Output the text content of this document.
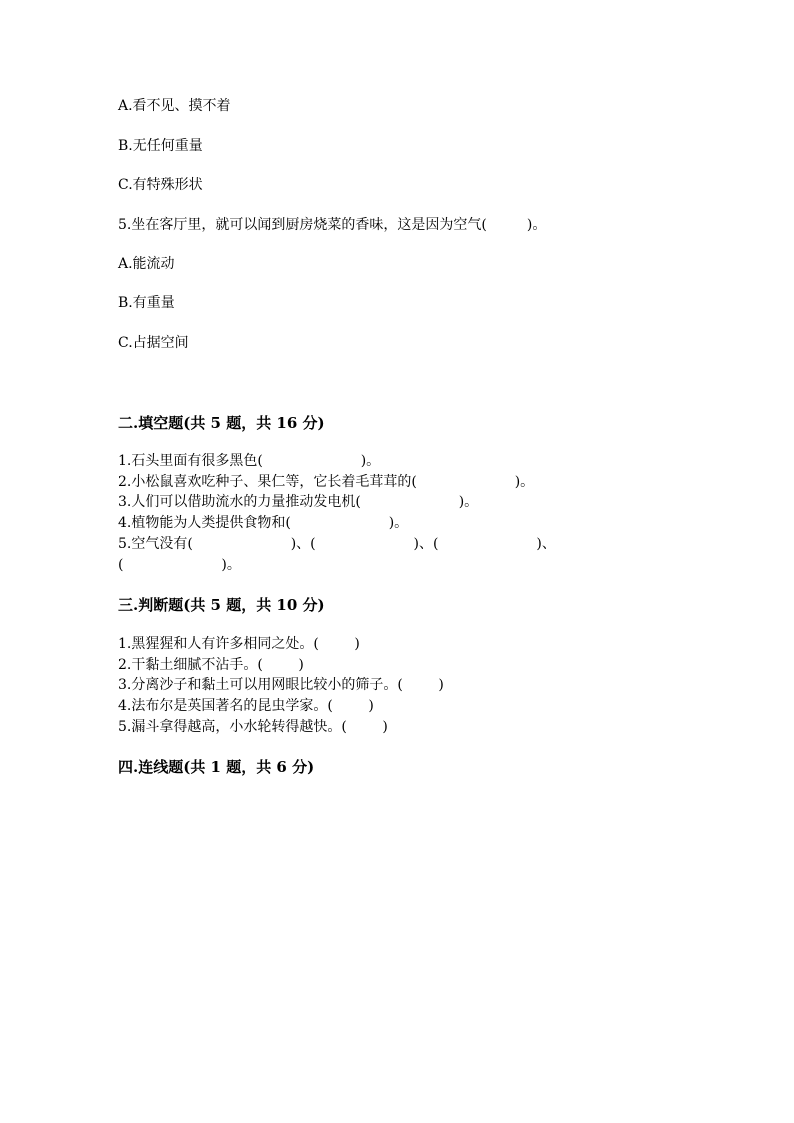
A.看不见、摸不着
B.无任何重量
C.有特殊形状
5.坐在客厅里，就可以闻到厨房烧菜的香味，这是因为空气(         )。
A.能流动
B.有重量
C.占据空间
二.填空题(共 5 题，共 16 分)
1.石头里面有很多黑色(                      )。
2.小松鼠喜欢吃种子、果仁等，它长着毛茸茸的(                      )。
3.人们可以借助流水的力量推动发电机(                      )。
4.植物能为人类提供食物和(                      )。
5.空气没有(                      )、(                      )、(                      )、
(                      )。
三.判断题(共 5 题，共 10 分)
1.黑猩猩和人有许多相同之处。(        )
2.干黏土细腻不沾手。(        )
3.分离沙子和黏土可以用网眼比较小的筛子。(        )
4.法布尔是英国著名的昆虫学家。(        )
5.漏斗拿得越高，小水轮转得越快。(        )
四.连线题(共 1 题，共 6 分)
